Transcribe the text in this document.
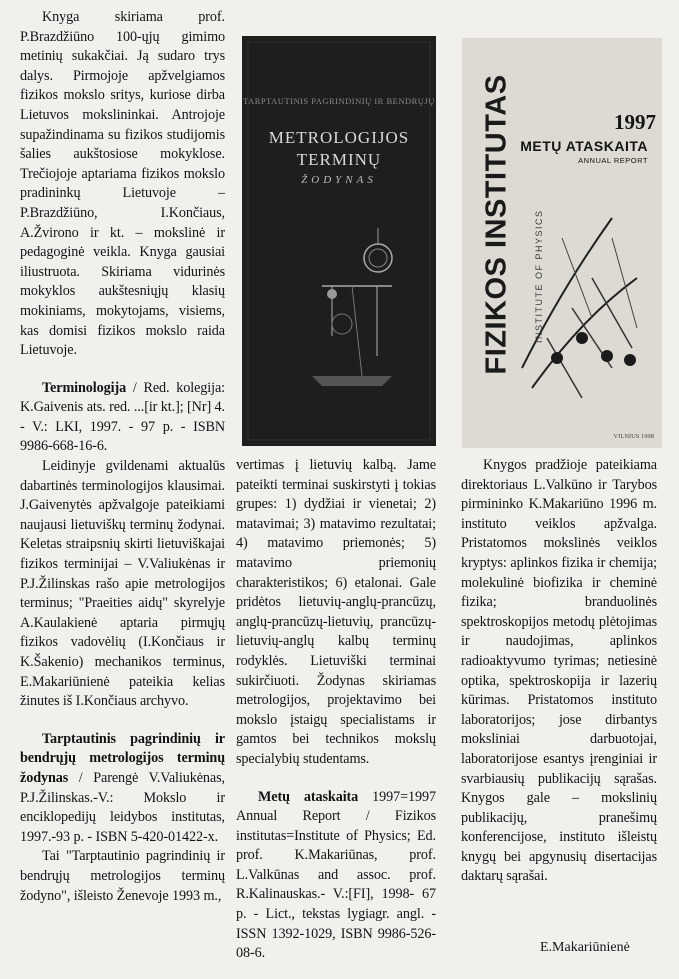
Knyga skiriama prof. P.Brazdžiūno 100-ųjų gimimo metinių sukakčiai. Ją sudaro trys dalys. Pirmojoje apžvelgiamos fizikos mokslo sritys, kuriose dirba Lietuvos mokslininkai. Antrojoje supažindinama su fizikos studijomis šalies aukštosiose mokyklose. Trečiojoje aptariama fizikos mokslo pradininkų Lietuvoje – P.Brazdžiūno, I.Končiaus, A.Žvirono ir kt. – mokslinė ir pedagoginė veikla. Knyga gausiai iliustruota. Skiriama vidurinės mokyklos aukštesniųjų klasių mokiniams, mokytojams, visiems, kas domisi fizikos mokslo raida Lietuvoje.

Terminologija / Red. kolegija: K.Gaivenis ats. red. ...[ir kt.]; [Nr] 4. - V.: LKI, 1997. - 97 p. - ISBN 9986-668-16-6.

Leidinyje gvildenami aktualūs dabartinės terminologijos klausimai. J.Gaivenytės apžvalgoje pateikiami naujausi lietuviškų terminų žodynai. Keletas straipsnių skirti lietuviškajai fizikos terminijai – V.Valiukėnas ir P.J.Žilinskas rašo apie metrologijos terminus; "Praeities aidų" skyrelyje A.Kaulakienė aptaria pirmųjų fizikos vadovėlių (I.Končiaus ir K.Šakenio) mechanikos terminus, E.Makariūnienė pateikia kelias žinutes iš I.Končiaus archyvo.

Tarptautinis pagrindinių ir bendrųjų metrologijos terminų žodynas / Parengė V.Valiukėnas, P.J.Žilinskas.-V.: Mokslo ir enciklopedijų leidybos institutas, 1997.-93 p. - ISBN 5-420-01422-x.

Tai "Tarptautinio pagrindinių ir bendrųjų metrologijos terminų žodyno", išleisto Ženevoje 1993 m.,

TARPTAUTINIS PAGRINDINIŲ IR BENDRŲJŲ
METROLOGIJOS
TERMINŲ
ŽODYNAS	FIZIKOS INSTITUTAS INSTITUTE OF PHYSICS
1997
METŲ ATASKAITA
ANNUAL REPORT
VILNIUS 1998

vertimas į lietuvių kalbą. Jame pateikti terminai suskirstyti į tokias grupes: 1) dydžiai ir vienetai; 2) matavimai; 3) matavimo rezultatai; 4) matavimo priemonės; 5) matavimo priemonių charakteristikos; 6) etalonai. Gale pridėtos lietuvių-anglų-prancūzų, anglų-prancūzų-lietuvių, prancūzų-lietuvių-anglų kalbų terminų rodyklės. Lietuviški terminai sukirčiuoti. Žodynas skiriamas metrologijos, projektavimo bei mokslo įstaigų specialistams ir gamtos bei technikos mokslų specialybių studentams.

Metų ataskaita 1997=1997 Annual Report / Fizikos institutas=Institute of Physics; Ed. prof. K.Makariūnas, prof. L.Valkūnas and assoc. prof. R.Kalinauskas.- V.:[FI], 1998- 67 p. - Lict., tekstas lygiagr. angl. - ISSN 1392-1029, ISBN 9986-526-08-6.

Knygos pradžioje pateikiama direktoriaus L.Valkūno ir Tarybos pirmininko K.Makariūno 1996 m. instituto veiklos apžvalga. Pristatomos mokslinės veiklos kryptys: aplinkos fizika ir chemija; molekulinė biofizika ir cheminė fizika; branduolinės spektroskopijos metodų plėtojimas ir naudojimas, aplinkos radioaktyvumo tyrimas; netiesinė optika, spektroskopija ir lazerių kūrimas. Pristatomos instituto laboratorijos; jose dirbantys moksliniai darbuotojai, laboratorijose esantys įrenginiai ir svarbiausių publikacijų sąrašas. Knygos gale – mokslinių publikacijų, pranešimų konferencijose, instituto išleistų knygų bei apgynusių disertacijas daktarų sąrašai.

E.Makariūnienė
